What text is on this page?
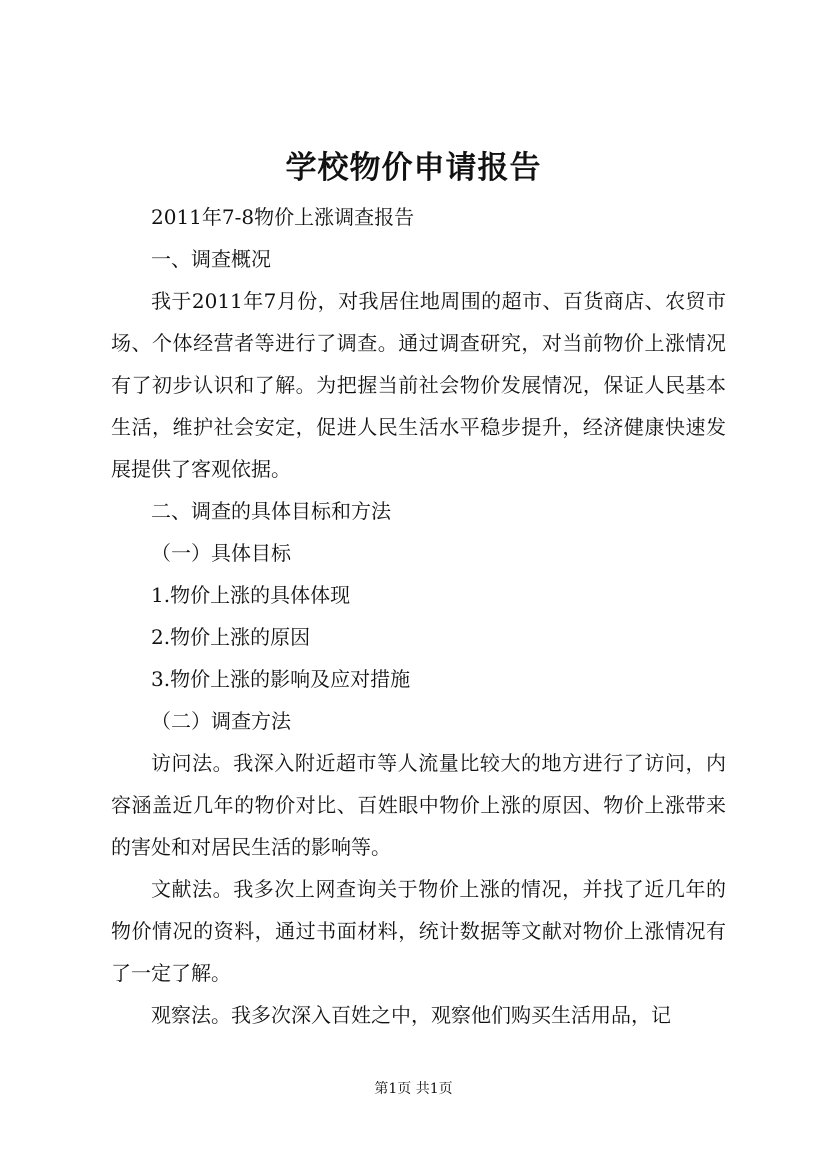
学校物价申请报告

2011年7-8物价上涨调查报告

一、调查概况

我于2011年7月份，对我居住地周围的超市、百货商店、农贸市场、个体经营者等进行了调查。通过调查研究，对当前物价上涨情况有了初步认识和了解。为把握当前社会物价发展情况，保证人民基本生活，维护社会安定，促进人民生活水平稳步提升，经济健康快速发展提供了客观依据。

二、调查的具体目标和方法

（一）具体目标

1.物价上涨的具体体现

2.物价上涨的原因

3.物价上涨的影响及应对措施

（二）调查方法

访问法。我深入附近超市等人流量比较大的地方进行了访问，内容涵盖近几年的物价对比、百姓眼中物价上涨的原因、物价上涨带来的害处和对居民生活的影响等。

文献法。我多次上网查询关于物价上涨的情况，并找了近几年的物价情况的资料，通过书面材料，统计数据等文献对物价上涨情况有了一定了解。

观察法。我多次深入百姓之中，观察他们购买生活用品，记

第1页 共1页
